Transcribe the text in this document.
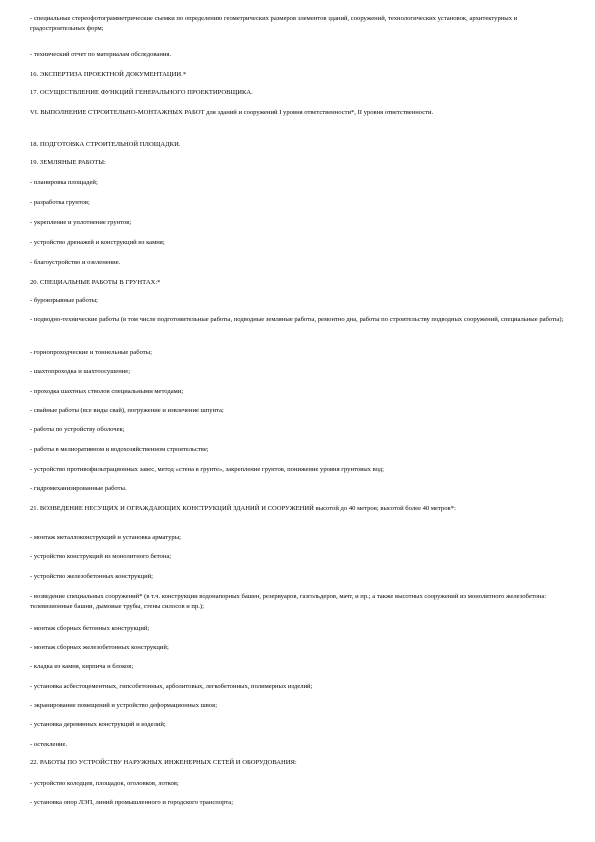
- специальные стереофотограмметрические съемки по определению геометрических размеров элементов зданий, сооружений, технологических установок, архитектурных и градостроительных форм;
- технический отчет по материалам обследования.
16. ЭКСПЕРТИЗА ПРОЕКТНОЙ ДОКУМЕНТАЦИИ.*
17. ОСУЩЕСТВЛЕНИЕ ФУНКЦИЙ ГЕНЕРАЛЬНОГО ПРОЕКТИРОВЩИКА.
VI. ВЫПОЛНЕНИЕ СТРОИТЕЛЬНО-МОНТАЖНЫХ РАБОТ для зданий и сооружений I уровня ответственности*, II уровня ответственности.
18. ПОДГОТОВКА СТРОИТЕЛЬНОЙ ПЛОЩАДКИ.
19. ЗЕМЛЯНЫЕ РАБОТЫ:
- планировка площадей;
- разработка грунтов;
- укрепление и уплотнение грунтов;
- устройство дренажей и конструкций из камня;
- благоустройство и озеленение.
20. СПЕЦИАЛЬНЫЕ РАБОТЫ В ГРУНТАХ:*
- буровзрывные работы;
- подводно-технические работы (в том числе подготовительные работы, подводные земляные работы, ремонтно дна, работы по строительству подводных сооружений, специальные работы);
- горнопроходческие и тоннельные работы;
- шахтопроходка и шахтоосушение;
- проходка шахтных стволов специальными методами;
- свайные работы (все виды свай), погружение и извлечение шпунта;
- работы по устройству оболочек;
- работы в мелиоративном и водохозяйственном строительстве;
- устройство противофильтрационных завес, метод «стена в грунте», закрепление грунтов, понижение уровня грунтовых вод;
- гидромеханизированные работы.
21. ВОЗВЕДЕНИЕ НЕСУЩИХ И ОГРАЖДАЮЩИХ КОНСТРУКЦИЙ ЗДАНИЙ И СООРУЖЕНИЙ высотой до 40 метров; высотой более 40 метров*:
- монтаж металлоконструкций и установка арматуры;
- устройство конструкций из монолитного бетона;
- устройство железобетонных конструкций;
- возведение специальных сооружений* (в т.ч. конструкции водонапорных башен, резервуаров, газгольдеров, мачт, и пр.; а также высотных сооружений из монолитного железобетона: телевизионные башни, дымовые трубы, стены силосов и пр.);
- монтаж сборных бетонных конструкций;
- монтаж сборных железобетонных конструкций;
- кладка из камня, кирпича и блоков;
- установка асбестоцементных, гипсобетонных, арболитовых, легкобетонных, полимерных изделий;
- экранирование помещений и устройство деформационных швов;
- установка деревянных конструкций и изделий;
- остекление.
22. РАБОТЫ ПО УСТРОЙСТВУ НАРУЖНЫХ ИНЖЕНЕРНЫХ СЕТЕЙ И ОБОРУДОВАНИЯ:
- устройство колодцев, площадок, оголовков, лотков;
- установка опор ЛЭП, линий промышленного и городского транспорта;
